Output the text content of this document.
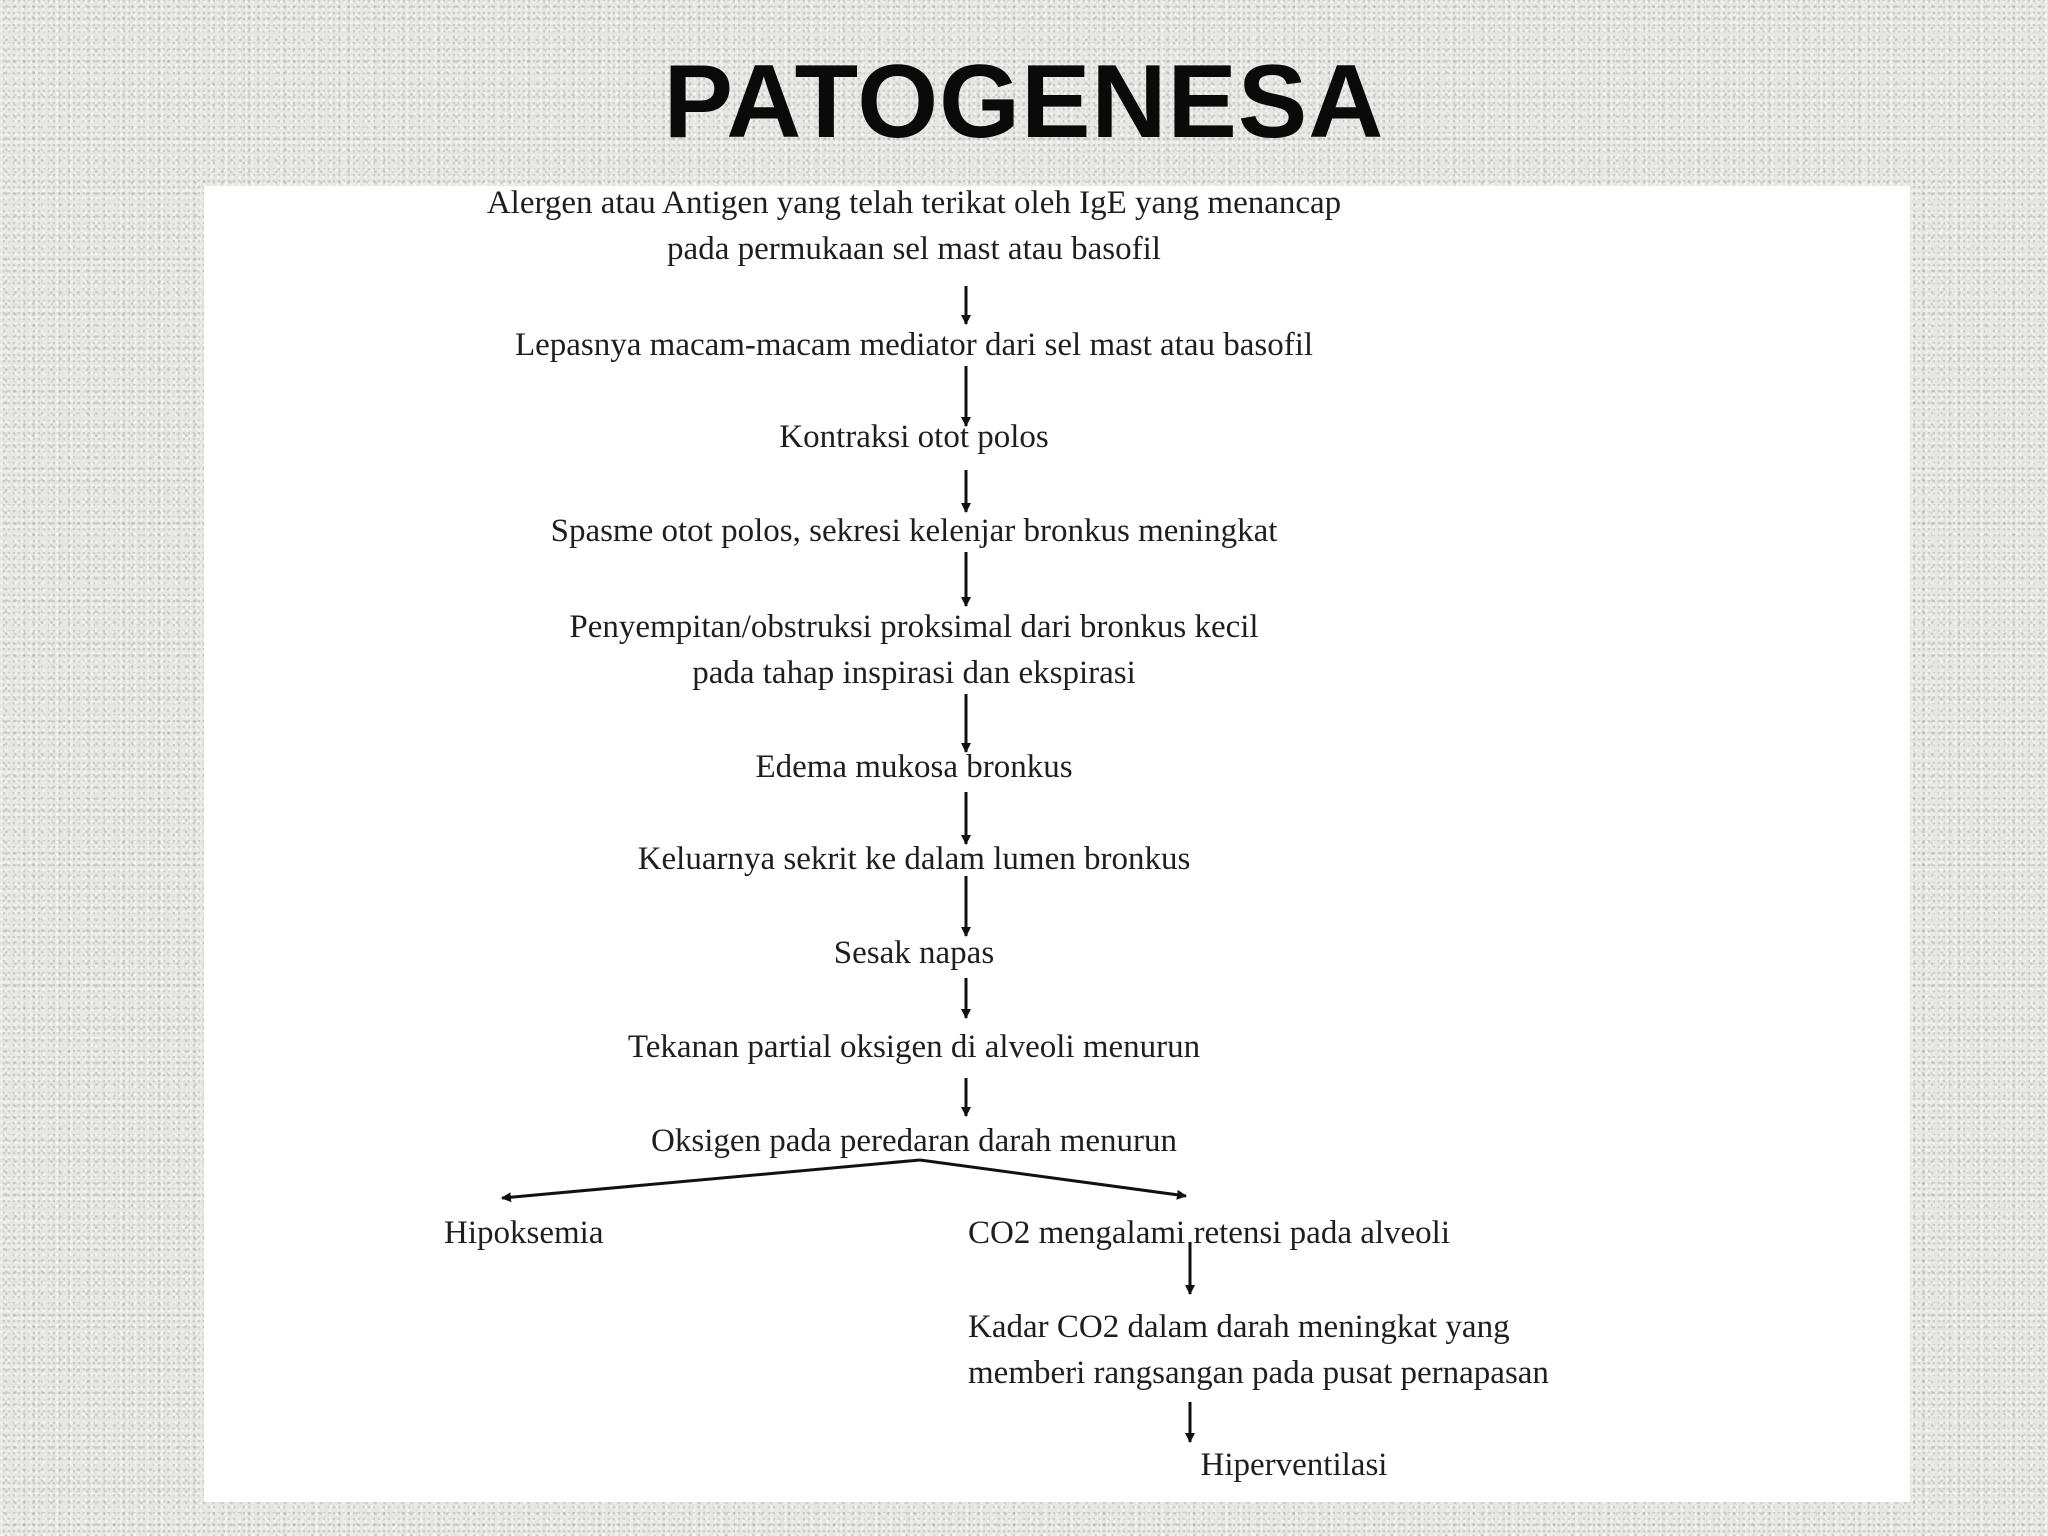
PATOGENESA
Alergen atau Antigen yang telah terikat oleh IgE yang menancap
pada permukaan sel mast atau basofil
Lepasnya macam-macam mediator dari sel mast atau basofil
Kontraksi otot polos
Spasme otot polos, sekresi kelenjar bronkus meningkat
Penyempitan/obstruksi proksimal dari bronkus kecil
pada tahap inspirasi dan ekspirasi
Edema mukosa bronkus
Keluarnya sekrit ke dalam lumen bronkus
Sesak napas
Tekanan partial oksigen di alveoli menurun
Oksigen pada peredaran darah menurun
Hipoksemia	CO2 mengalami retensi pada alveoli
Kadar CO2 dalam darah meningkat yang
memberi rangsangan pada pusat pernapasan
Hiperventilasi
